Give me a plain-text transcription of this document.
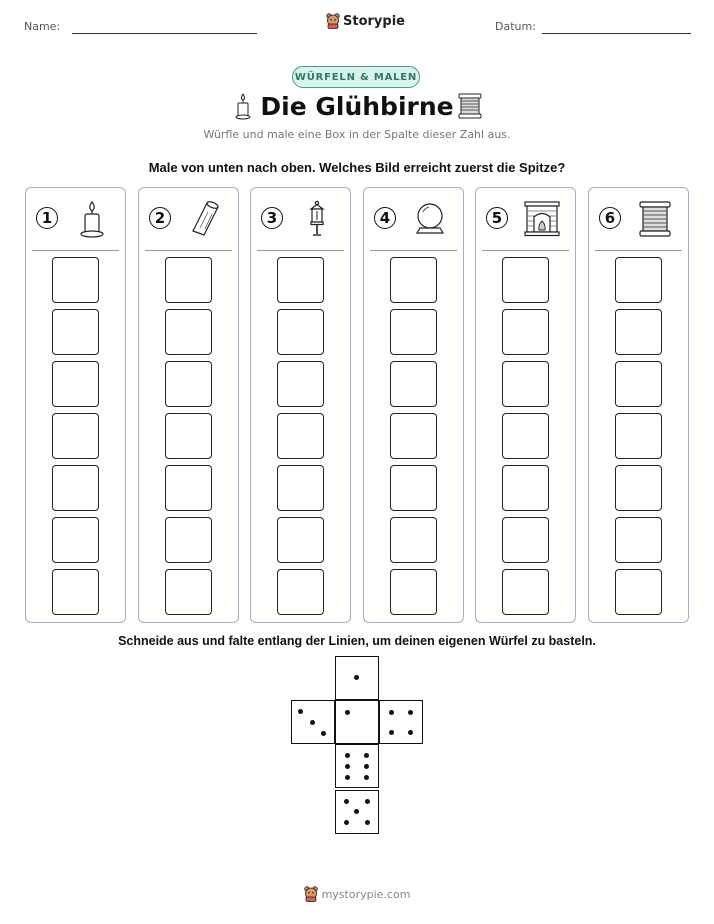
Name:	Storypie	Datum:
WÜRFELN & MALEN
Die Glühbirne
Würfle und male eine Box in der Spalte dieser Zahl aus.
Male von unten nach oben. Welches Bild erreicht zuerst die Spitze?
1	2	3	4	5	6
Schneide aus und falte entlang der Linien, um deinen eigenen Würfel zu basteln.
mystorypie.com
